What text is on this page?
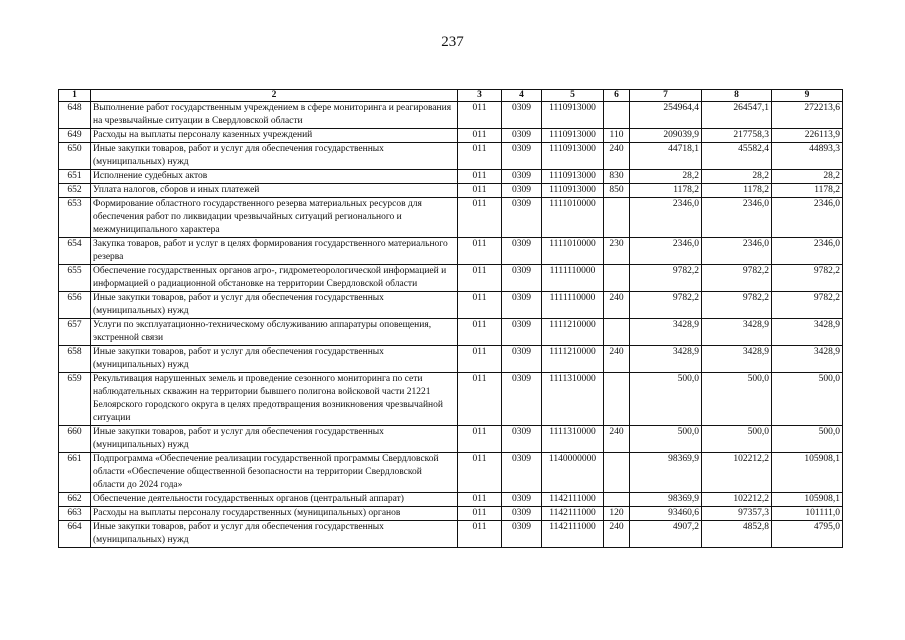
237
1	2	3	4	5	6	7	8	9
648	Выполнение работ государственным учреждением в сфере мониторинга и реагирования на чрезвычайные ситуации в Свердловской области	011	0309	1110913000		254964,4	264547,1	272213,6
649	Расходы на выплаты персоналу казенных учреждений	011	0309	1110913000	110	209039,9	217758,3	226113,9
650	Иные закупки товаров, работ и услуг для обеспечения государственных (муниципальных) нужд	011	0309	1110913000	240	44718,1	45582,4	44893,3
651	Исполнение судебных актов	011	0309	1110913000	830	28,2	28,2	28,2
652	Уплата налогов, сборов и иных платежей	011	0309	1110913000	850	1178,2	1178,2	1178,2
653	Формирование областного государственного резерва материальных ресурсов для обеспечения работ по ликвидации чрезвычайных ситуаций регионального и межмуниципального характера	011	0309	1111010000		2346,0	2346,0	2346,0
654	Закупка товаров, работ и услуг в целях формирования государственного материального резерва	011	0309	1111010000	230	2346,0	2346,0	2346,0
655	Обеспечение государственных органов агро-, гидрометеорологической информацией и информацией о радиационной обстановке на территории Свердловской области	011	0309	1111110000		9782,2	9782,2	9782,2
656	Иные закупки товаров, работ и услуг для обеспечения государственных (муниципальных) нужд	011	0309	1111110000	240	9782,2	9782,2	9782,2
657	Услуги по эксплуатационно-техническому обслуживанию аппаратуры оповещения, экстренной связи	011	0309	1111210000		3428,9	3428,9	3428,9
658	Иные закупки товаров, работ и услуг для обеспечения государственных (муниципальных) нужд	011	0309	1111210000	240	3428,9	3428,9	3428,9
659	Рекультивация нарушенных земель и проведение сезонного мониторинга по сети наблюдательных скважин на территории бывшего полигона войсковой части 21221 Белоярского городского округа в целях предотвращения возникновения чрезвычайной ситуации	011	0309	1111310000		500,0	500,0	500,0
660	Иные закупки товаров, работ и услуг для обеспечения государственных (муниципальных) нужд	011	0309	1111310000	240	500,0	500,0	500,0
661	Подпрограмма «Обеспечение реализации государственной программы Свердловской области «Обеспечение общественной безопасности на территории Свердловской области до 2024 года»	011	0309	1140000000		98369,9	102212,2	105908,1
662	Обеспечение деятельности государственных органов (центральный аппарат)	011	0309	1142111000		98369,9	102212,2	105908,1
663	Расходы на выплаты персоналу государственных (муниципальных) органов	011	0309	1142111000	120	93460,6	97357,3	101111,0
664	Иные закупки товаров, работ и услуг для обеспечения государственных (муниципальных) нужд	011	0309	1142111000	240	4907,2	4852,8	4795,0
